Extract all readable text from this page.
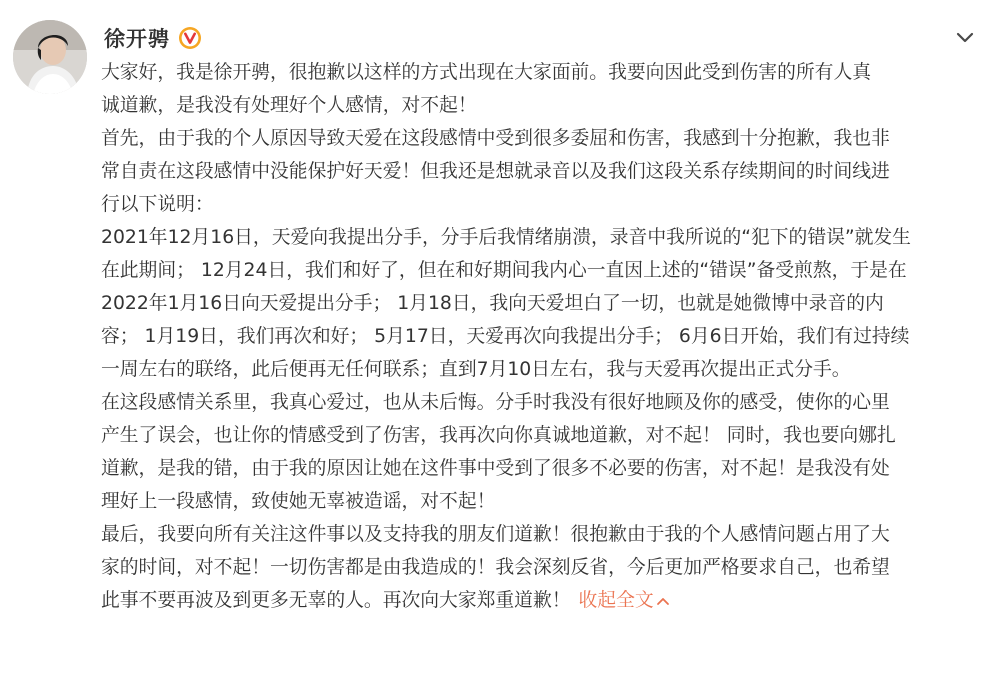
徐开骋
大家好，我是徐开骋，很抱歉以这样的方式出现在大家面前。我要向因此受到伤害的所有人真
诚道歉，是我没有处理好个人感情，对不起！
首先，由于我的个人原因导致天爱在这段感情中受到很多委屈和伤害，我感到十分抱歉，我也非
常自责在这段感情中没能保护好天爱！但我还是想就录音以及我们这段关系存续期间的时间线进
行以下说明：
2021年12月16日，天爱向我提出分手，分手后我情绪崩溃，录音中我所说的“犯下的错误”就发生
在此期间； 12月24日，我们和好了，但在和好期间我内心一直因上述的“错误”备受煎熬，于是在
2022年1月16日向天爱提出分手； 1月18日，我向天爱坦白了一切，也就是她微博中录音的内
容； 1月19日，我们再次和好； 5月17日，天爱再次向我提出分手； 6月6日开始，我们有过持续
一周左右的联络，此后便再无任何联系；直到7月10日左右，我与天爱再次提出正式分手。
在这段感情关系里，我真心爱过，也从未后悔。分手时我没有很好地顾及你的感受，使你的心里
产生了误会，也让你的情感受到了伤害，我再次向你真诚地道歉，对不起！ 同时，我也要向娜扎
道歉，是我的错，由于我的原因让她在这件事中受到了很多不必要的伤害，对不起！是我没有处
理好上一段感情，致使她无辜被造谣，对不起！
最后，我要向所有关注这件事以及支持我的朋友们道歉！很抱歉由于我的个人感情问题占用了大
家的时间，对不起！一切伤害都是由我造成的！我会深刻反省，今后更加严格要求自己，也希望
此事不要再波及到更多无辜的人。再次向大家郑重道歉！ 收起全文
